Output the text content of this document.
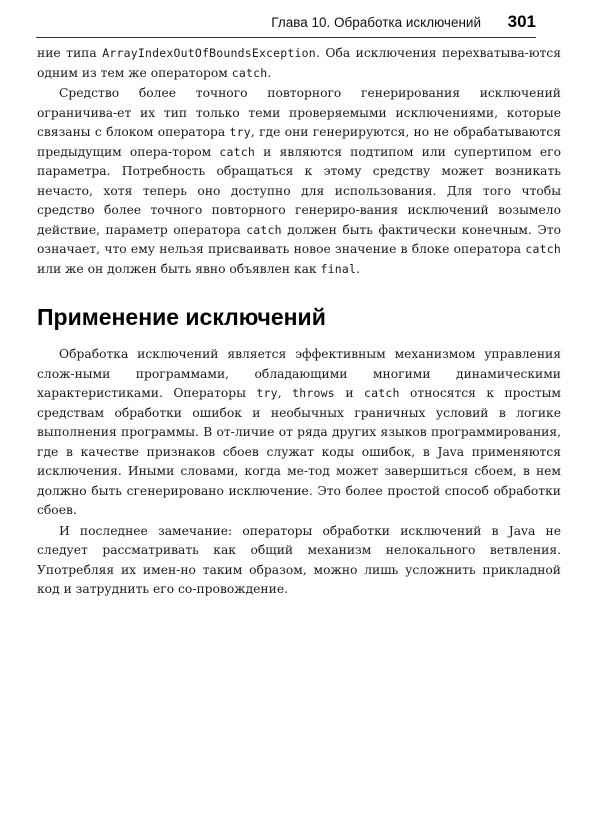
Глава 10. Обработка исключений 301

ние типа ArrayIndexOutOfBoundsException. Оба исключения перехватыва-ются одним из тем же оператором catch.

Средство более точного повторного генерирования исключений ограничива-ет их тип только теми проверяемыми исключениями, которые связаны с блоком оператора try, где они генерируются, но не обрабатываются предыдущим опера-тором catch и являются подтипом или супертипом его параметра. Потребность обращаться к этому средству может возникать нечасто, хотя теперь оно доступно для использования. Для того чтобы средство более точного повторного генериро-вания исключений возымело действие, параметр оператора catch должен быть фактически конечным. Это означает, что ему нельзя присваивать новое значение в блоке оператора catch или же он должен быть явно объявлен как final.

Применение исключений

Обработка исключений является эффективным механизмом управления слож-ными программами, обладающими многими динамическими характеристиками. Операторы try, throws и catch относятся к простым средствам обработки ошибок и необычных граничных условий в логике выполнения программы. В от-личие от ряда других языков программирования, где в качестве признаков сбоев служат коды ошибок, в Java применяются исключения. Иными словами, когда ме-тод может завершиться сбоем, в нем должно быть сгенерировано исключение. Это более простой способ обработки сбоев.

И последнее замечание: операторы обработки исключений в Java не следует рассматривать как общий механизм нелокального ветвления. Употребляя их имен-но таким образом, можно лишь усложнить прикладной код и затруднить его со-провождение.
